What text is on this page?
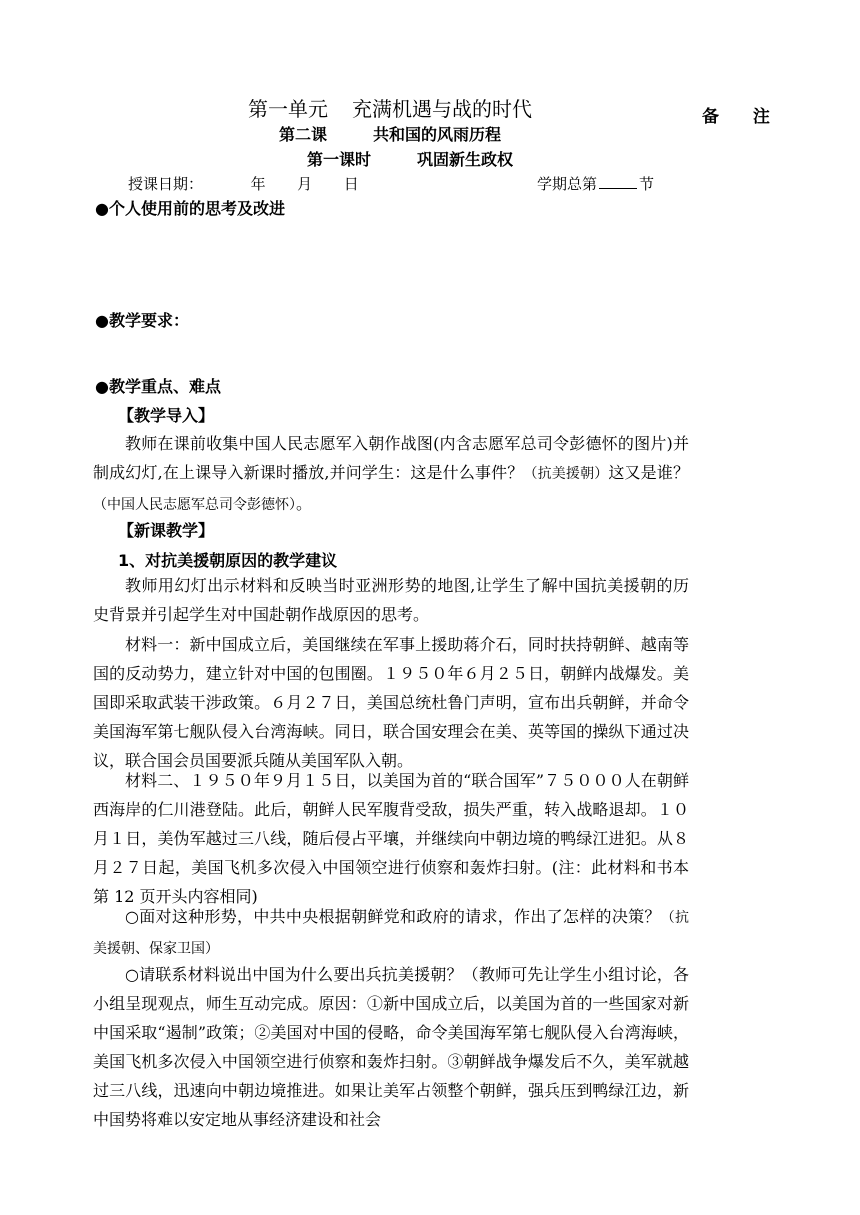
备 注
第一单元 充满机遇与战的时代
第二课	共和国的风雨历程
第一课时	巩固新生政权
授课日期：	年 月 日	学期总第	节
●个人使用前的思考及改进
●教学要求：
●教学重点、难点
【教学导入】

教师在课前收集中国人民志愿军入朝作战图(内含志愿军总司令彭德怀的图片)并制成幻灯,在上课导入新课时播放,并问学生：这是什么事件？（抗美援朝）这又是谁？（中国人民志愿军总司令彭德怀）。

【新课教学】
1、对抗美援朝原因的教学建议

教师用幻灯出示材料和反映当时亚洲形势的地图,让学生了解中国抗美援朝的历史背景并引起学生对中国赴朝作战原因的思考。

材料一：新中国成立后，美国继续在军事上援助蒋介石，同时扶持朝鲜、越南等国的反动势力，建立针对中国的包围圈。１９５０年６月２５日，朝鲜内战爆发。美国即采取武装干涉政策。６月２７日，美国总统杜鲁门声明，宣布出兵朝鲜，并命令美国海军第七舰队侵入台湾海峡。同日，联合国安理会在美、英等国的操纵下通过决议，联合国会员国要派兵随从美国军队入朝。

材料二、１９５０年９月１５日，以美国为首的“联合国军”７５０００人在朝鲜西海岸的仁川港登陆。此后，朝鲜人民军腹背受敌，损失严重，转入战略退却。１０月１日，美伪军越过三八线，随后侵占平壤，并继续向中朝边境的鸭绿江进犯。从８月２７日起，美国飞机多次侵入中国领空进行侦察和轰炸扫射。(注：此材料和书本第 12 页开头内容相同)

○面对这种形势，中共中央根据朝鲜党和政府的请求，作出了怎样的决策？（抗美援朝、保家卫国）

○请联系材料说出中国为什么要出兵抗美援朝？（教师可先让学生小组讨论，各小组呈现观点，师生互动完成。原因：①新中国成立后，以美国为首的一些国家对新中国采取“遏制”政策；②美国对中国的侵略，命令美国海军第七舰队侵入台湾海峡，美国飞机多次侵入中国领空进行侦察和轰炸扫射。③朝鲜战争爆发后不久，美军就越过三八线，迅速向中朝边境推进。如果让美军占领整个朝鲜，强兵压到鸭绿江边，新中国势将难以安定地从事经济建设和社会
